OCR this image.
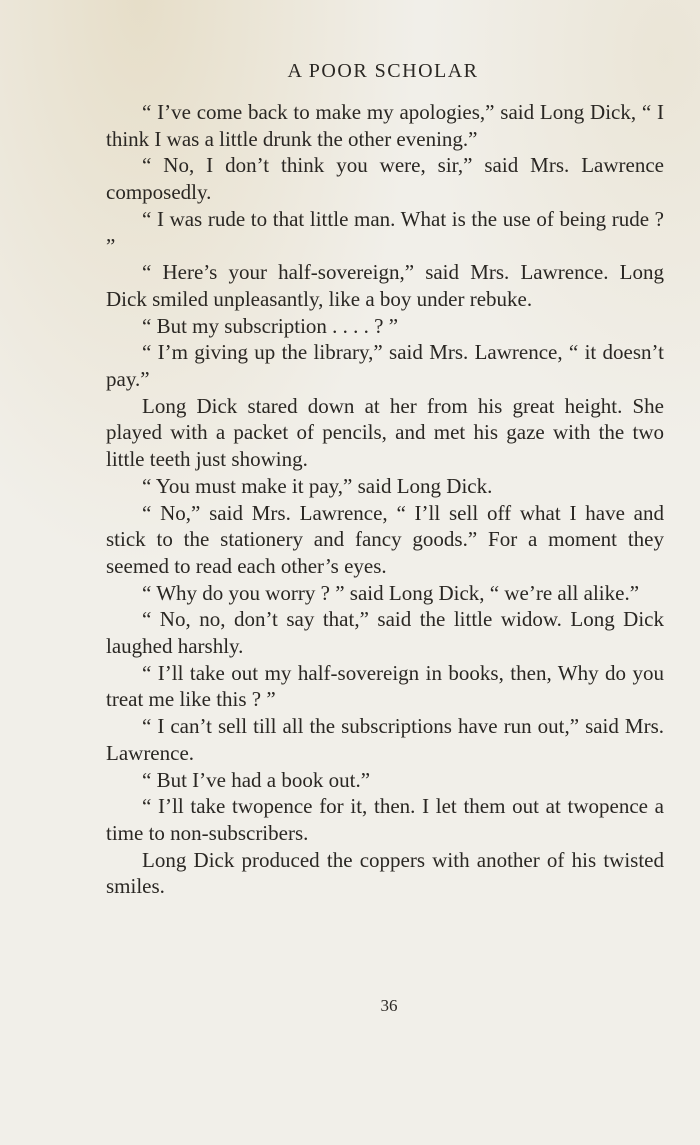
A POOR SCHOLAR

“ I’ve come back to make my apologies,” said Long Dick, “ I think I was a little drunk the other evening.”

“ No, I don’t think you were, sir,” said Mrs. Lawrence composedly.

“ I was rude to that little man. What is the use of being rude ? ”

“ Here’s your half-sovereign,” said Mrs. Lawrence. Long Dick smiled unpleasantly, like a boy under rebuke.

“ But my subscription . . . . ? ”

“ I’m giving up the library,” said Mrs. Lawrence, “ it doesn’t pay.”

Long Dick stared down at her from his great height. She played with a packet of pencils, and met his gaze with the two little teeth just showing.

“ You must make it pay,” said Long Dick.

“ No,” said Mrs. Lawrence, “ I’ll sell off what I have and stick to the stationery and fancy goods.” For a moment they seemed to read each other’s eyes.

“ Why do you worry ? ” said Long Dick, “ we’re all alike.”

“ No, no, don’t say that,” said the little widow. Long Dick laughed harshly.

“ I’ll take out my half-sovereign in books, then, Why do you treat me like this ? ”

“ I can’t sell till all the subscriptions have run out,” said Mrs. Lawrence.

“ But I’ve had a book out.”

“ I’ll take twopence for it, then. I let them out at twopence a time to non-subscribers.

Long Dick produced the coppers with another of his twisted smiles.

36
